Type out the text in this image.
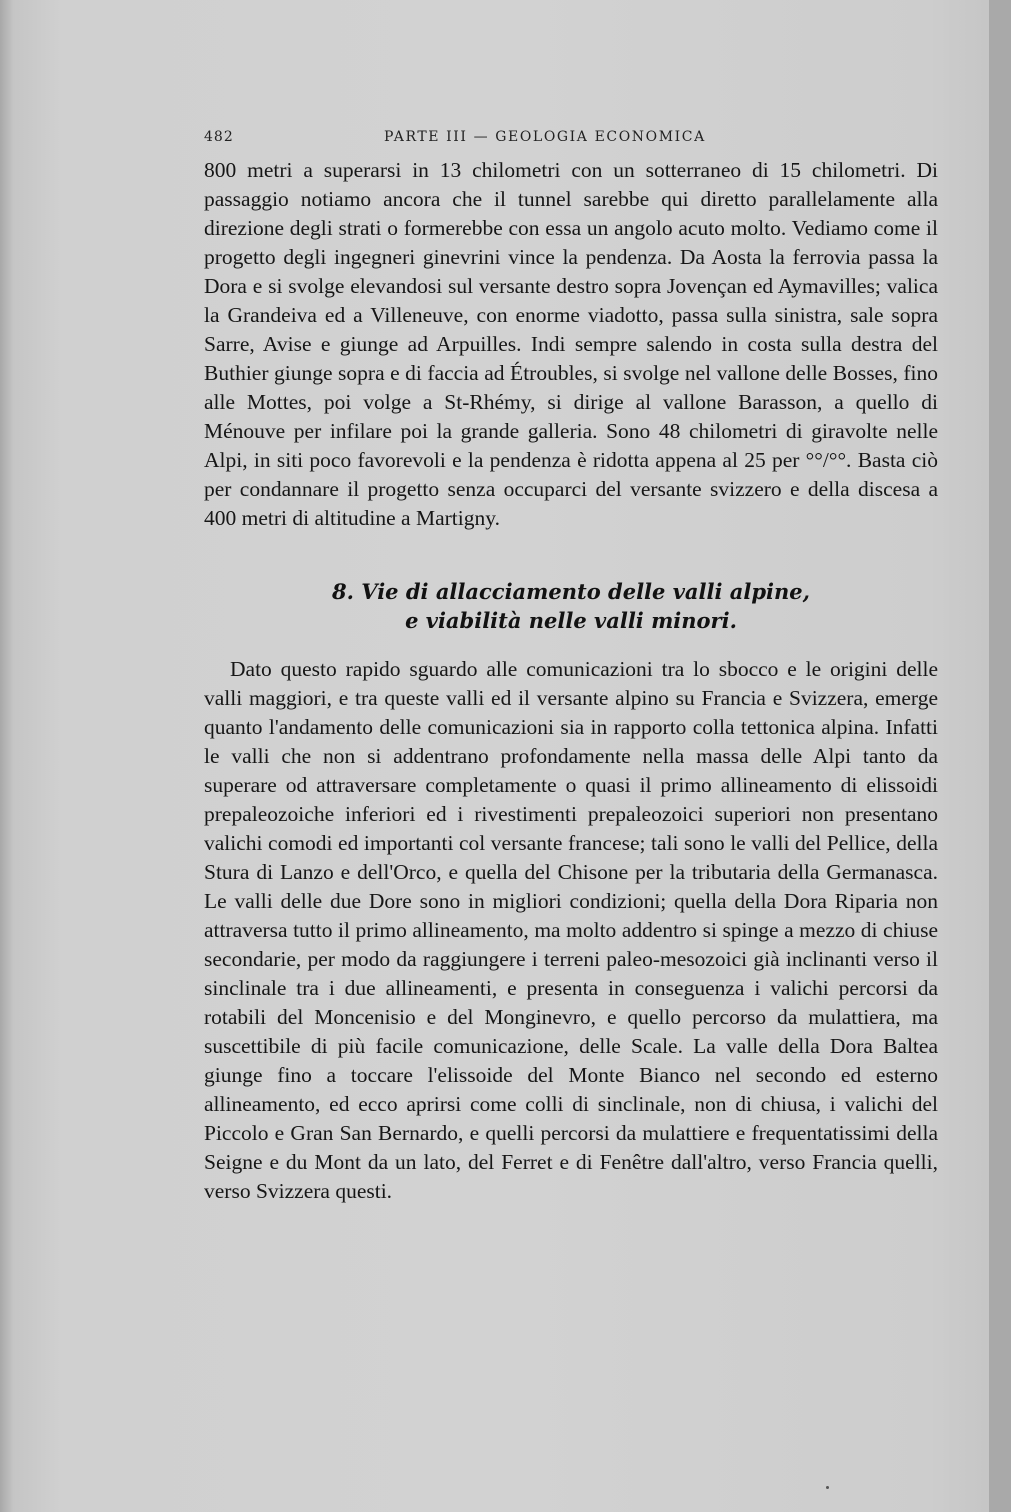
482	PARTE III — GEOLOGIA ECONOMICA

800 metri a superarsi in 13 chilometri con un sotterraneo di 15 chilometri. Di passaggio notiamo ancora che il tunnel sarebbe qui diretto parallelamente alla direzione degli strati o formerebbe con essa un angolo acuto molto. Vediamo come il progetto degli ingegneri ginevrini vince la pendenza. Da Aosta la ferrovia passa la Dora e si svolge elevandosi sul versante destro sopra Jovençan ed Aymavilles; valica la Grandeiva ed a Villeneuve, con enorme viadotto, passa sulla sinistra, sale sopra Sarre, Avise e giunge ad Arpuilles. Indi sempre salendo in costa sulla destra del Buthier giunge sopra e di faccia ad Étroubles, si svolge nel vallone delle Bosses, fino alle Mottes, poi volge a St-Rhémy, si dirige al vallone Barasson, a quello di Ménouve per infilare poi la grande galleria. Sono 48 chilometri di giravolte nelle Alpi, in siti poco favorevoli e la pendenza è ridotta appena al 25 per °°/°°. Basta ciò per condannare il progetto senza occuparci del versante svizzero e della discesa a 400 metri di altitudine a Martigny.

8. Vie di allacciamento delle valli alpine,
e viabilità nelle valli minori.

Dato questo rapido sguardo alle comunicazioni tra lo sbocco e le origini delle valli maggiori, e tra queste valli ed il versante alpino su Francia e Svizzera, emerge quanto l'andamento delle comunicazioni sia in rapporto colla tettonica alpina. Infatti le valli che non si addentrano profondamente nella massa delle Alpi tanto da superare od attraversare completamente o quasi il primo allineamento di elissoidi prepaleozoiche inferiori ed i rivestimenti prepaleozoici superiori non presentano valichi comodi ed importanti col versante francese; tali sono le valli del Pellice, della Stura di Lanzo e dell'Orco, e quella del Chisone per la tributaria della Germanasca. Le valli delle due Dore sono in migliori condizioni; quella della Dora Riparia non attraversa tutto il primo allineamento, ma molto addentro si spinge a mezzo di chiuse secondarie, per modo da raggiungere i terreni paleo-mesozoici già inclinanti verso il sinclinale tra i due allineamenti, e presenta in conseguenza i valichi percorsi da rotabili del Moncenisio e del Monginevro, e quello percorso da mulattiera, ma suscettibile di più facile comunicazione, delle Scale. La valle della Dora Baltea giunge fino a toccare l'elissoide del Monte Bianco nel secondo ed esterno allineamento, ed ecco aprirsi come colli di sinclinale, non di chiusa, i valichi del Piccolo e Gran San Bernardo, e quelli percorsi da mulattiere e frequentatissimi della Seigne e du Mont da un lato, del Ferret e di Fenêtre dall'altro, verso Francia quelli, verso Svizzera questi.
